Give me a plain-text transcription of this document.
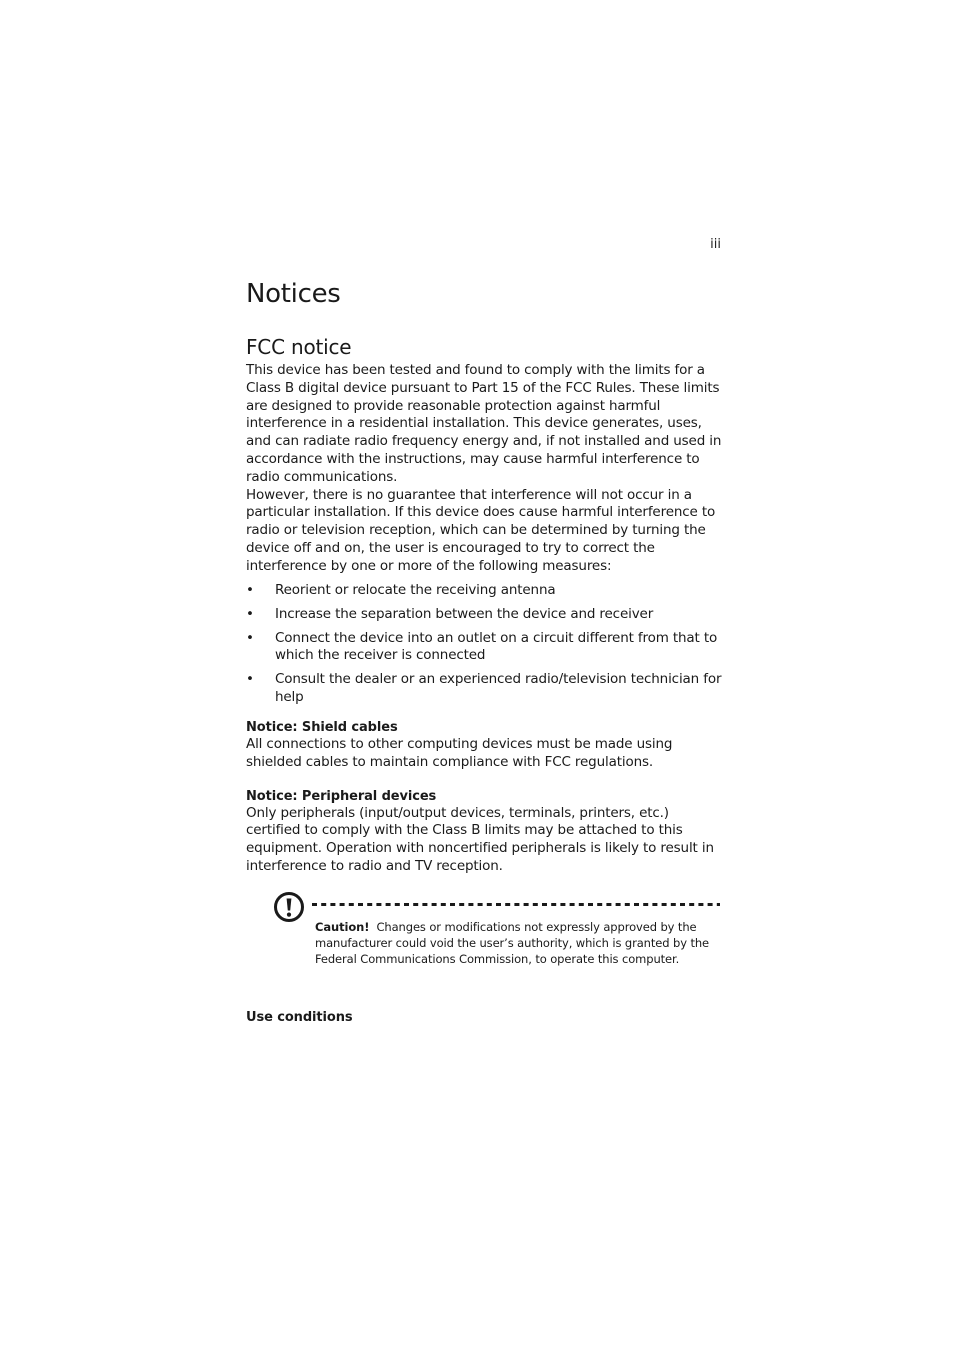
iii
Notices
FCC notice

This device has been tested and found to comply with the limits for a Class B digital device pursuant to Part 15 of the FCC Rules. These limits are designed to provide reasonable protection against harmful interference in a residential installation. This device generates, uses, and can radiate radio frequency energy and, if not installed and used in accordance with the instructions, may cause harmful interference to radio communications.

However, there is no guarantee that interference will not occur in a particular installation. If this device does cause harmful interference to radio or television reception, which can be determined by turning the device off and on, the user is encouraged to try to correct the interference by one or more of the following measures:

• Reorient or relocate the receiving antenna
• Increase the separation between the device and receiver
• Connect the device into an outlet on a circuit different from that to which the receiver is connected
• Consult the dealer or an experienced radio/television technician for help
Notice: Shield cables

All connections to other computing devices must be made using shielded cables to maintain compliance with FCC regulations.

Notice: Peripheral devices

Only peripherals (input/output devices, terminals, printers, etc.) certified to comply with the Class B limits may be attached to this equipment. Operation with noncertified peripherals is likely to result in interference to radio and TV reception.

Caution! Changes or modifications not expressly approved by the manufacturer could void the user’s authority, which is granted by the Federal Communications Commission, to operate this computer.
Use conditions
